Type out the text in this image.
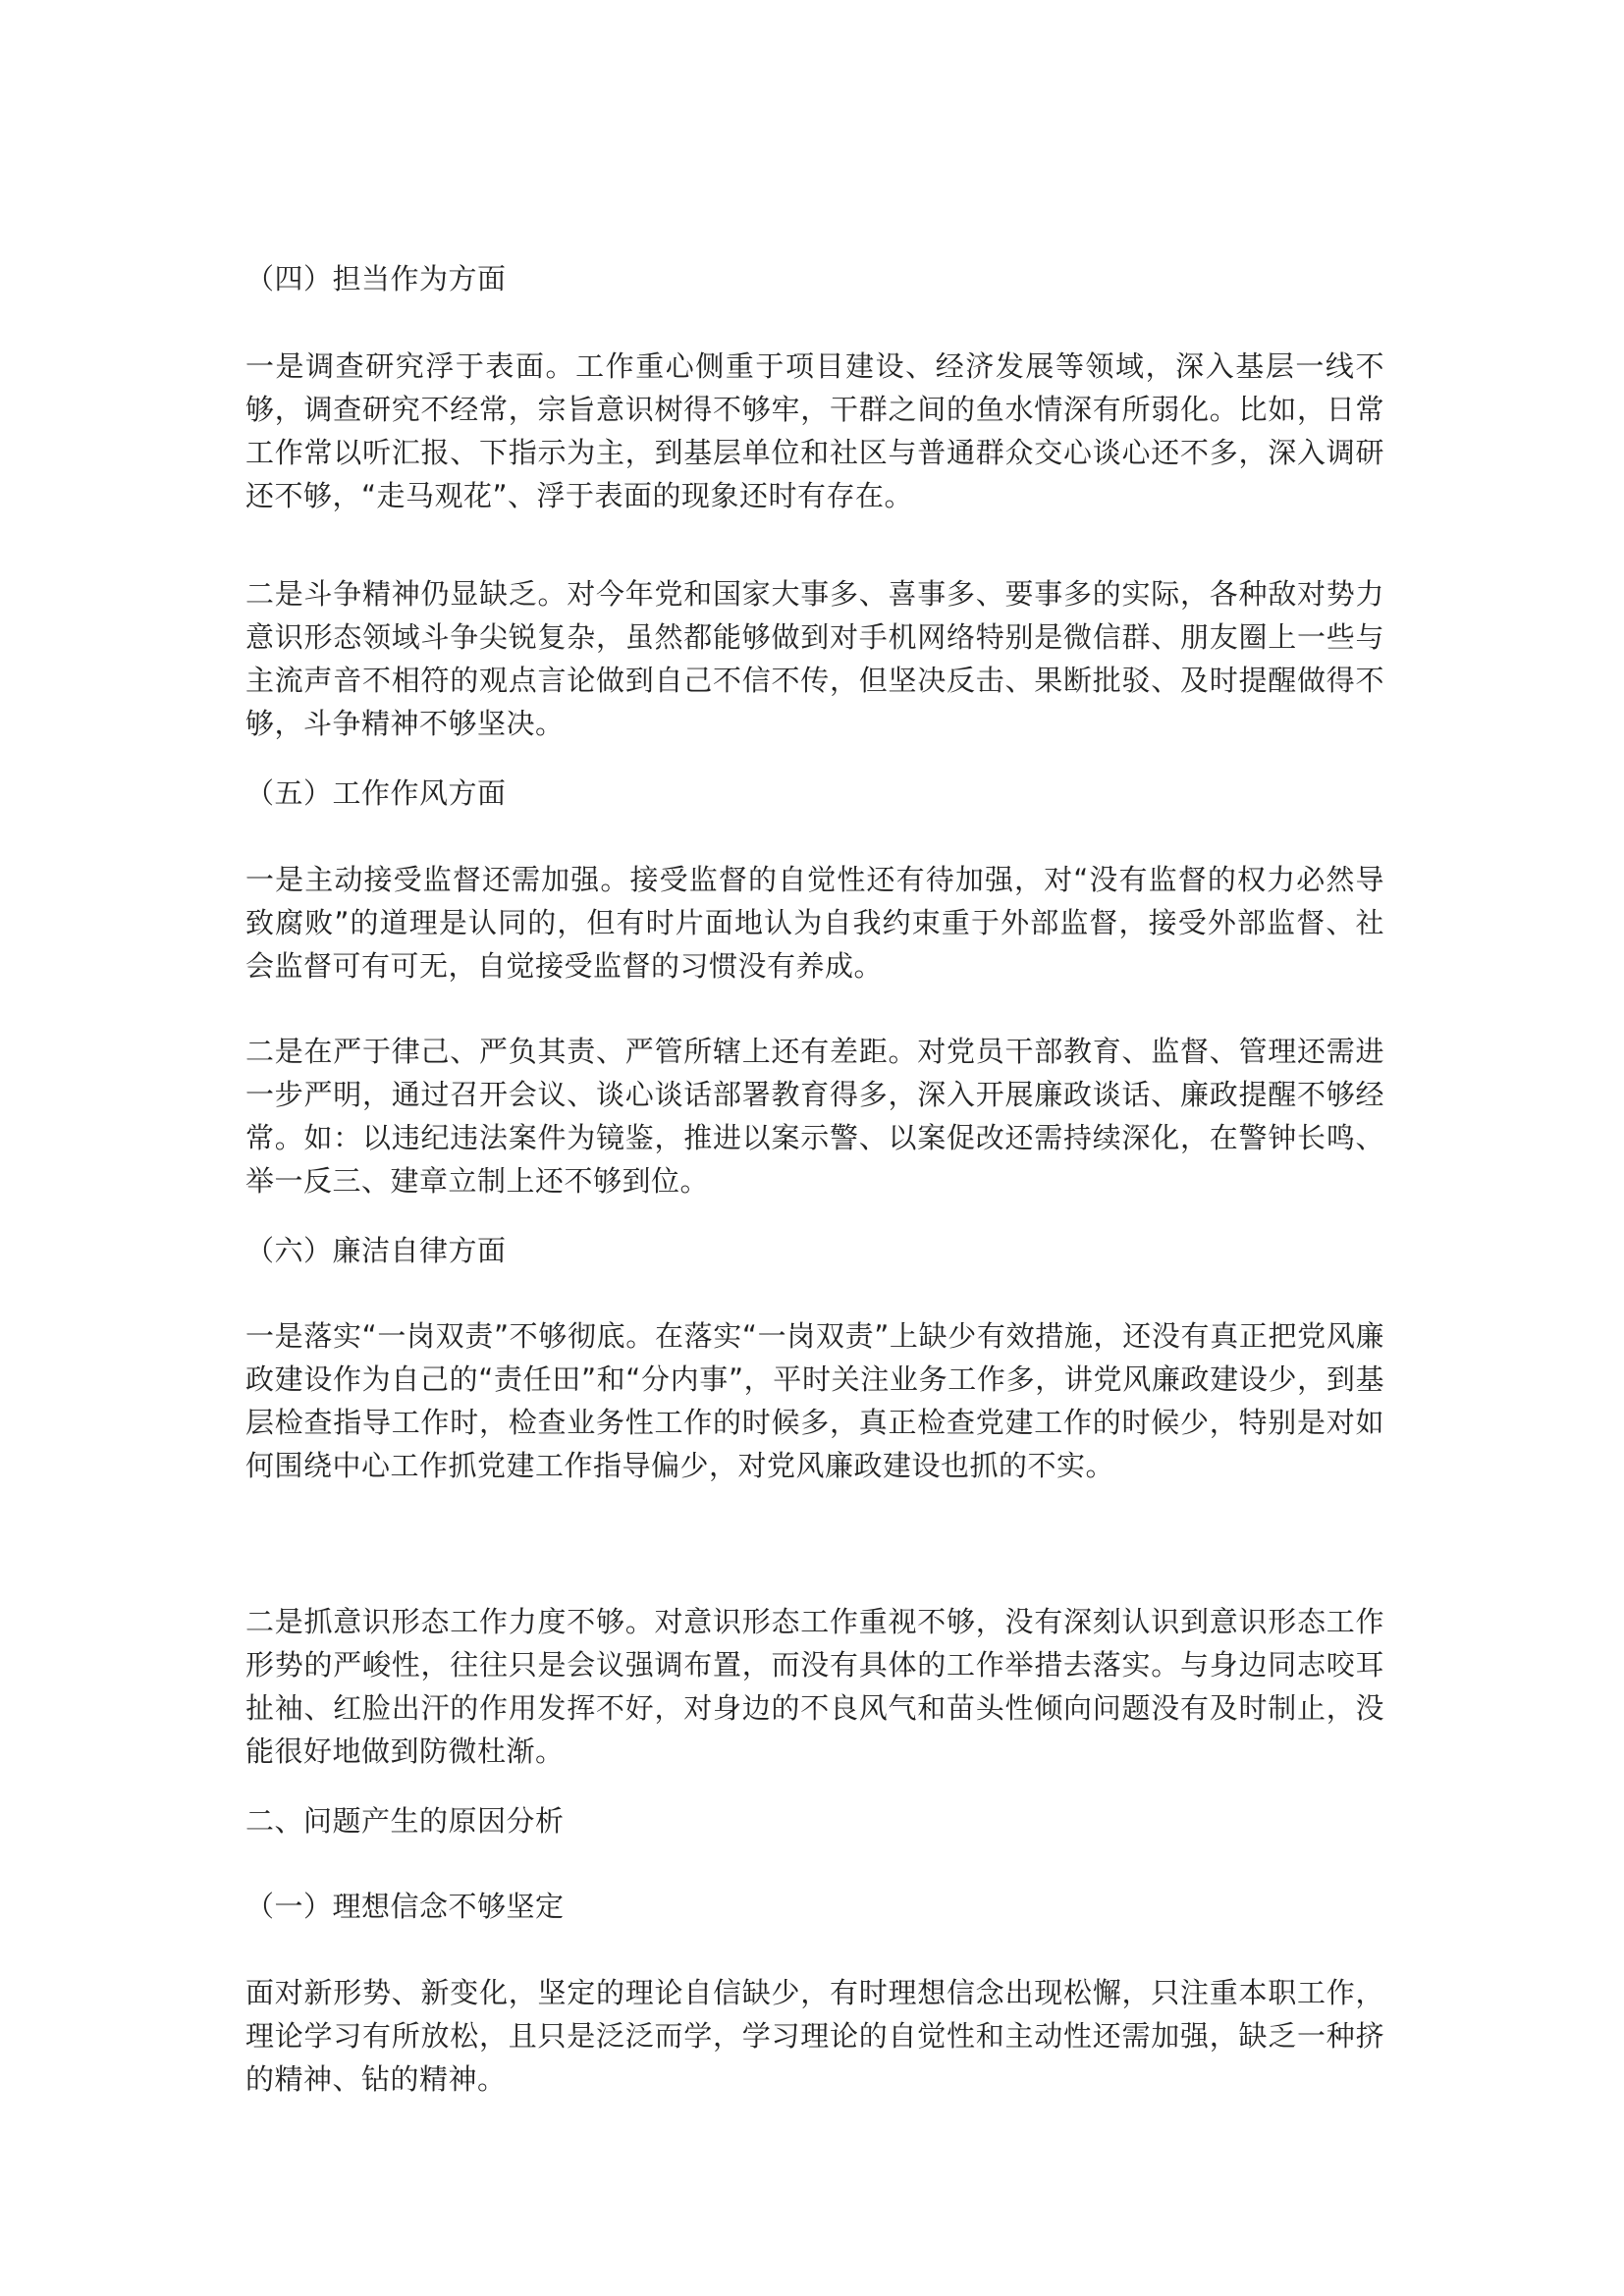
（四）担当作为方面

一是调查研究浮于表面。工作重心侧重于项目建设、经济发展等领域，深入基层一线不够，调查研究不经常，宗旨意识树得不够牢，干群之间的鱼水情深有所弱化。比如，日常工作常以听汇报、下指示为主，到基层单位和社区与普通群众交心谈心还不多，深入调研还不够，“走马观花”、浮于表面的现象还时有存在。

二是斗争精神仍显缺乏。对今年党和国家大事多、喜事多、要事多的实际，各种敌对势力意识形态领域斗争尖锐复杂，虽然都能够做到对手机网络特别是微信群、朋友圈上一些与主流声音不相符的观点言论做到自己不信不传，但坚决反击、果断批驳、及时提醒做得不够，斗争精神不够坚决。

（五）工作作风方面

一是主动接受监督还需加强。接受监督的自觉性还有待加强，对“没有监督的权力必然导致腐败”的道理是认同的，但有时片面地认为自我约束重于外部监督，接受外部监督、社会监督可有可无，自觉接受监督的习惯没有养成。

二是在严于律己、严负其责、严管所辖上还有差距。对党员干部教育、监督、管理还需进一步严明，通过召开会议、谈心谈话部署教育得多，深入开展廉政谈话、廉政提醒不够经常。如：以违纪违法案件为镜鉴，推进以案示警、以案促改还需持续深化，在警钟长鸣、举一反三、建章立制上还不够到位。

（六）廉洁自律方面

一是落实“一岗双责”不够彻底。在落实“一岗双责”上缺少有效措施，还没有真正把党风廉政建设作为自己的“责任田”和“分内事”，平时关注业务工作多，讲党风廉政建设少，到基层检查指导工作时，检查业务性工作的时候多，真正检查党建工作的时候少，特别是对如何围绕中心工作抓党建工作指导偏少，对党风廉政建设也抓的不实。

二是抓意识形态工作力度不够。对意识形态工作重视不够，没有深刻认识到意识形态工作形势的严峻性，往往只是会议强调布置，而没有具体的工作举措去落实。与身边同志咬耳扯袖、红脸出汗的作用发挥不好，对身边的不良风气和苗头性倾向问题没有及时制止，没能很好地做到防微杜渐。

二、问题产生的原因分析

（一）理想信念不够坚定

面对新形势、新变化，坚定的理论自信缺少，有时理想信念出现松懈，只注重本职工作，理论学习有所放松，且只是泛泛而学，学习理论的自觉性和主动性还需加强，缺乏一种挤的精神、钻的精神。
